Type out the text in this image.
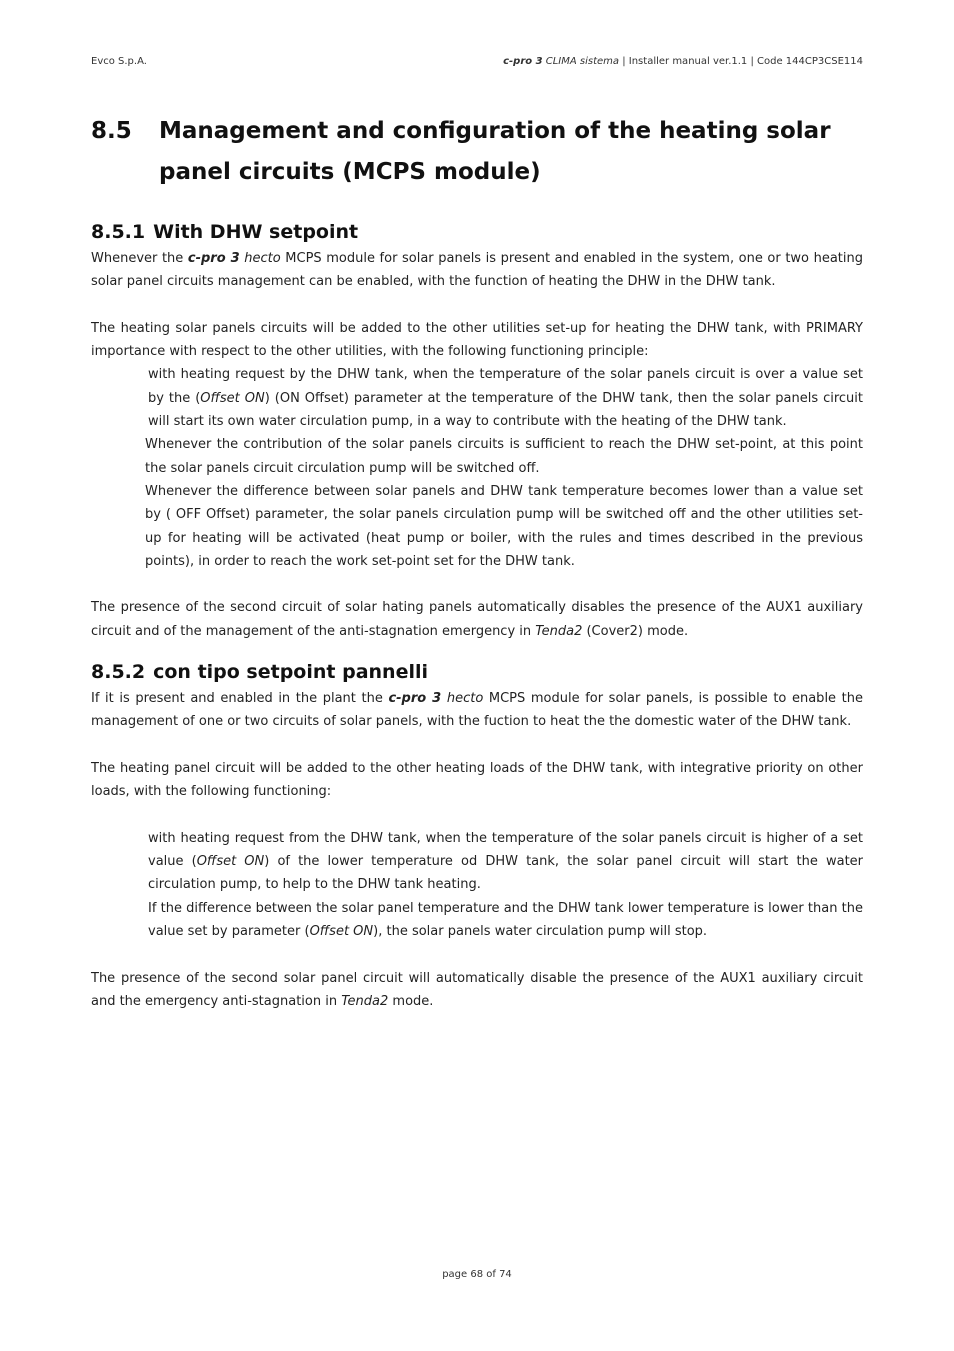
Evco S.p.A.	c-pro 3 CLIMA sistema | Installer manual ver.1.1 | Code 144CP3CSE114
8.5 Management and configuration of the heating solar panel circuits (MCPS module)
8.5.1 With DHW setpoint

Whenever the c-pro 3 hecto MCPS module for solar panels is present and enabled in the system, one or two heating solar panel circuits management can be enabled, with the function of heating the DHW in the DHW tank.

The heating solar panels circuits will be added to the other utilities set-up for heating the DHW tank, with PRIMARY importance with respect to the other utilities, with the following functioning principle:

with heating request by the DHW tank, when the temperature of the solar panels circuit is over a value set by the (Offset ON) (ON Offset) parameter at the temperature of the DHW tank, then the solar panels circuit will start its own water circulation pump, in a way to contribute with the heating of the DHW tank.
Whenever the contribution of the solar panels circuits is sufficient to reach the DHW set-point, at this point the solar panels circuit circulation pump will be switched off.
Whenever the difference between solar panels and DHW tank temperature becomes lower than a value set by ( OFF Offset) parameter, the solar panels circulation pump will be switched off and the other utilities set-up for heating will be activated (heat pump or boiler, with the rules and times described in the previous points), in order to reach the work set-point set for the DHW tank.

The presence of the second circuit of solar hating panels automatically disables the presence of the AUX1 auxiliary circuit and of the management of the anti-stagnation emergency in Tenda2 (Cover2) mode.

8.5.2 con tipo setpoint pannelli

If it is present and enabled in the plant the c-pro 3 hecto MCPS module for solar panels, is possible to enable the management of one or two circuits of solar panels, with the fuction to heat the the domestic water of the DHW tank.

The heating panel circuit will be added to the other heating loads of the DHW tank, with integrative priority on other loads, with the following functioning:

with heating request from the DHW tank, when the temperature of the solar panels circuit is higher of a set value (Offset ON) of the lower temperature od DHW tank, the solar panel circuit will start the water circulation pump, to help to the DHW tank heating.
If the difference between the solar panel temperature and the DHW tank lower temperature is lower than the value set by parameter (Offset ON), the solar panels water circulation pump will stop.

The presence of the second solar panel circuit will automatically disable the presence of the AUX1 auxiliary circuit and the emergency anti-stagnation in Tenda2 mode.

page 68 of 74
